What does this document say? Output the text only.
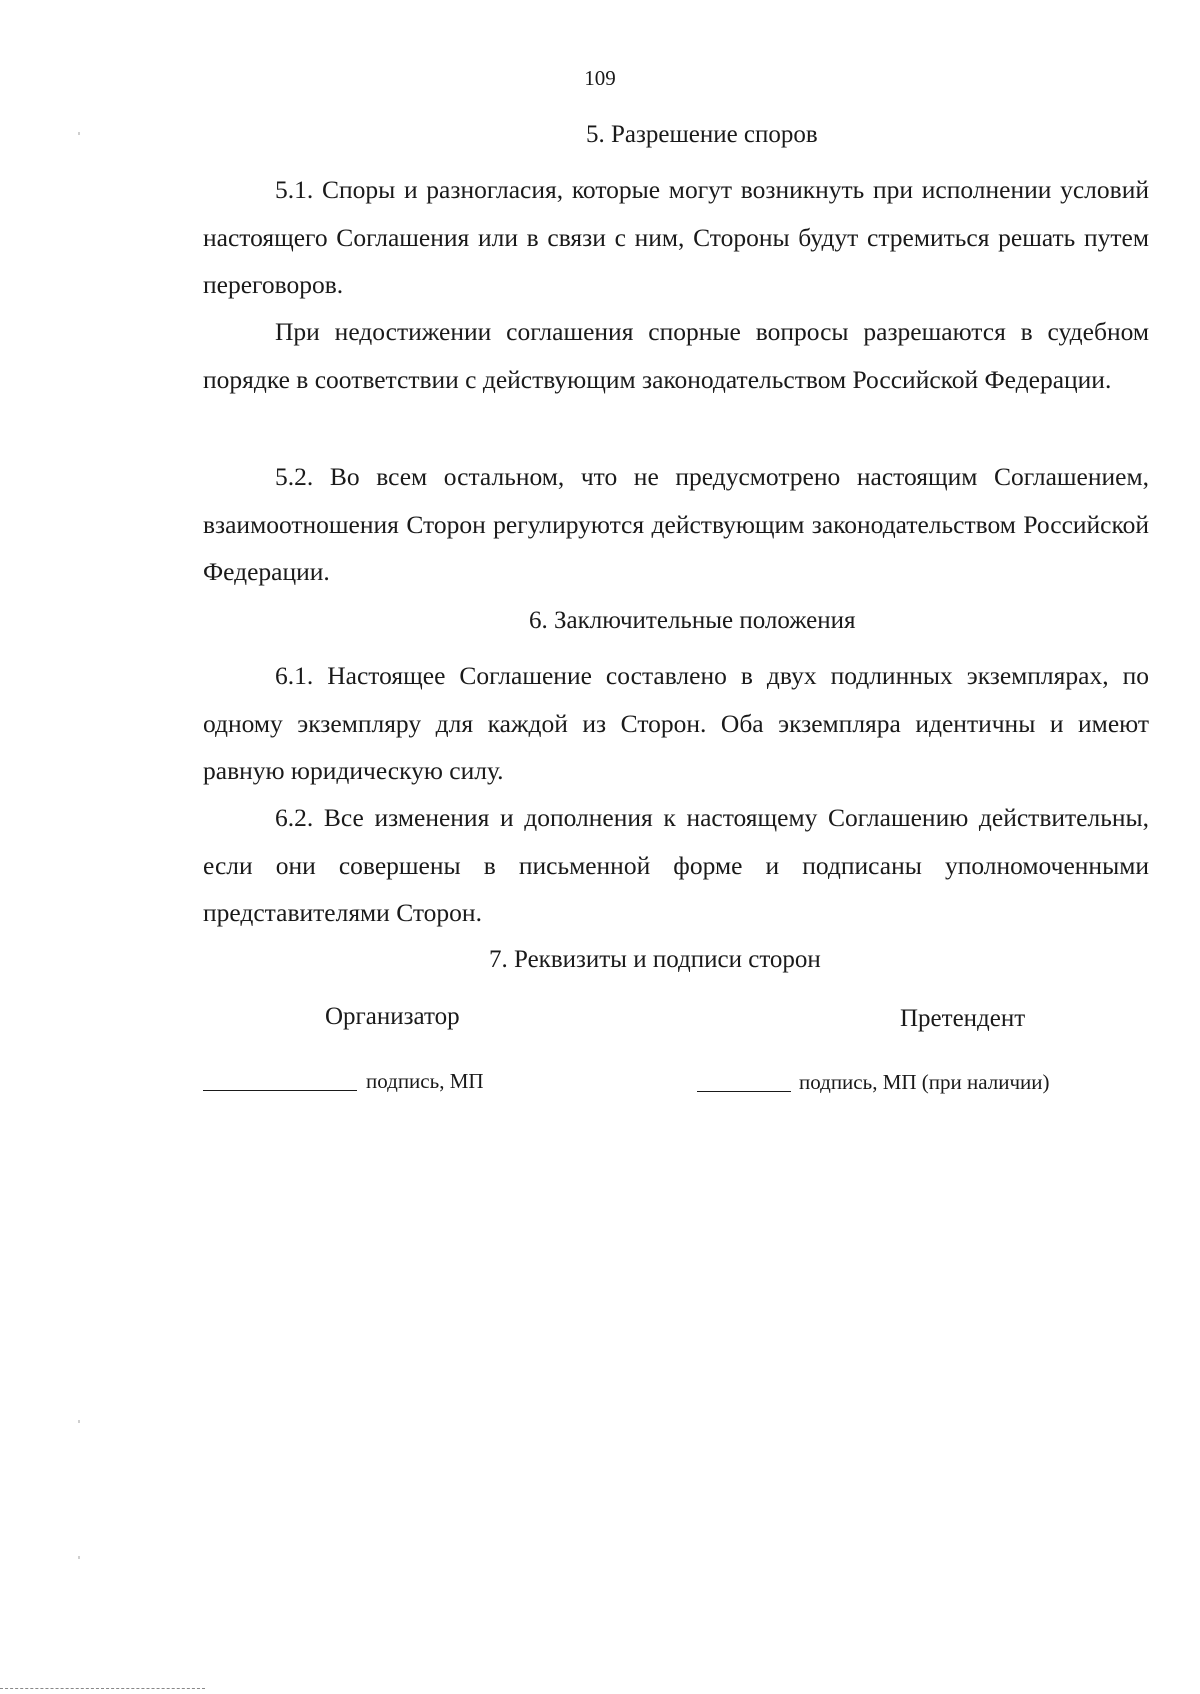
109
5. Разрешение споров

5.1. Споры и разногласия, которые могут возникнуть при исполнении условий настоящего Соглашения или в связи с ним, Стороны будут стремиться решать путем переговоров.

При недостижении соглашения спорные вопросы разрешаются в судебном порядке в соответствии с действующим законодательством Российской Федерации.

5.2. Во всем остальном, что не предусмотрено настоящим Соглашением, взаимоотношения Сторон регулируются действующим законодательством Российской Федерации.

6. Заключительные положения

6.1. Настоящее Соглашение составлено в двух подлинных экземплярах, по одному экземпляру для каждой из Сторон. Оба экземпляра идентичны и имеют равную юридическую силу.

6.2. Все изменения и дополнения к настоящему Соглашению действительны, если они совершены в письменной форме и подписаны уполномоченными представителями Сторон.

7. Реквизиты и подписи сторон
Организатор	Претендент
подпись, МП	подпись, МП (при наличии)
